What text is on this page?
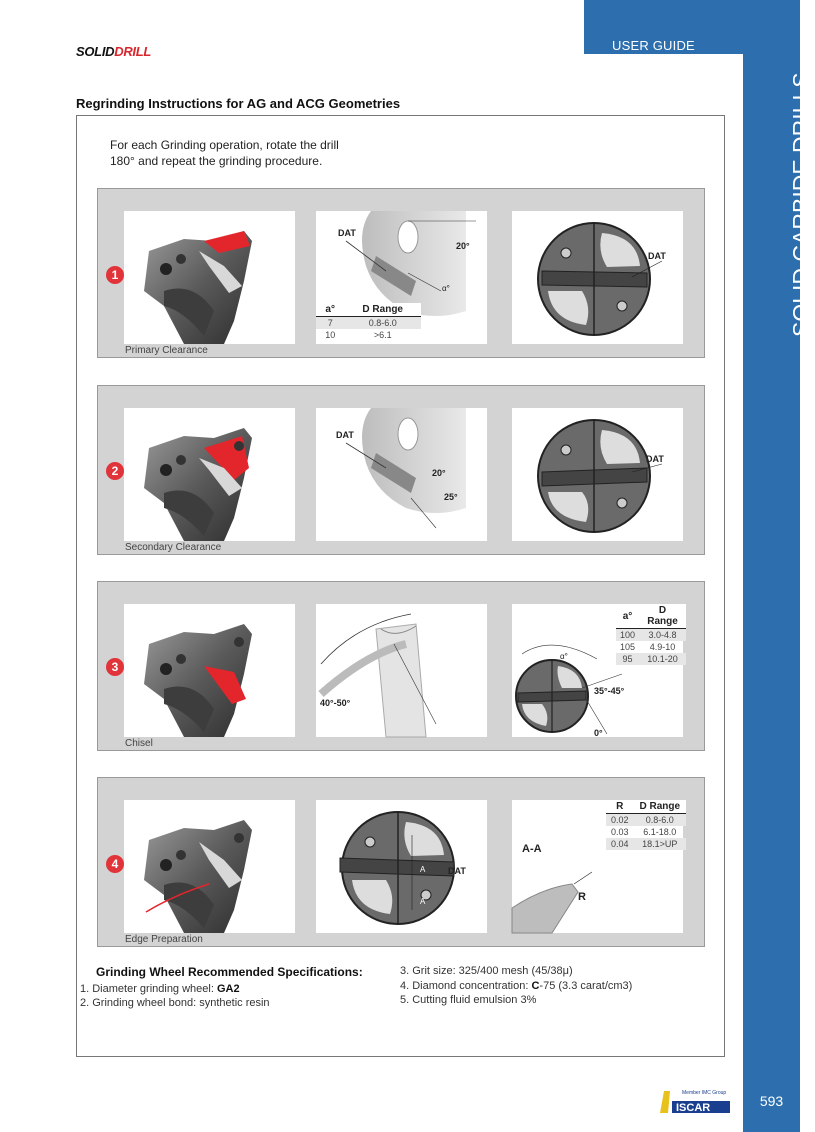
USER GUIDE
SOLID CARBIDE DRILLS
SOLIDDRILL
Regrinding Instructions for AG and ACG Geometries
For each Grinding operation, rotate the drill
180° and repeat the grinding procedure.
DAT
20°
α°
a°	D Range
7	0.8-6.0
10	>6.1
DAT
Primary Clearance
1
DAT
20°
25°
DAT
Secondary Clearance
2
40°-50°
α°
35°-45°
0°
a°	D Range
100	3.0-4.8
105	4.9-10
95	10.1-20
Chisel
3
A
A
DAT
A-A
R
R	D Range
0.02	0.8-6.0
0.03	6.1-18.0
0.04	18.1>UP
Edge Preparation
4
Grinding Wheel Recommended Specifications:
1. Diameter grinding wheel: GA2
2. Grinding wheel bond: synthetic resin
3. Grit size: 325/400 mesh (45/38μ)
4. Diamond concentration: C-75 (3.3 carat/cm3)
5. Cutting fluid emulsion 3%
Member IMC Group
ISCAR	593
